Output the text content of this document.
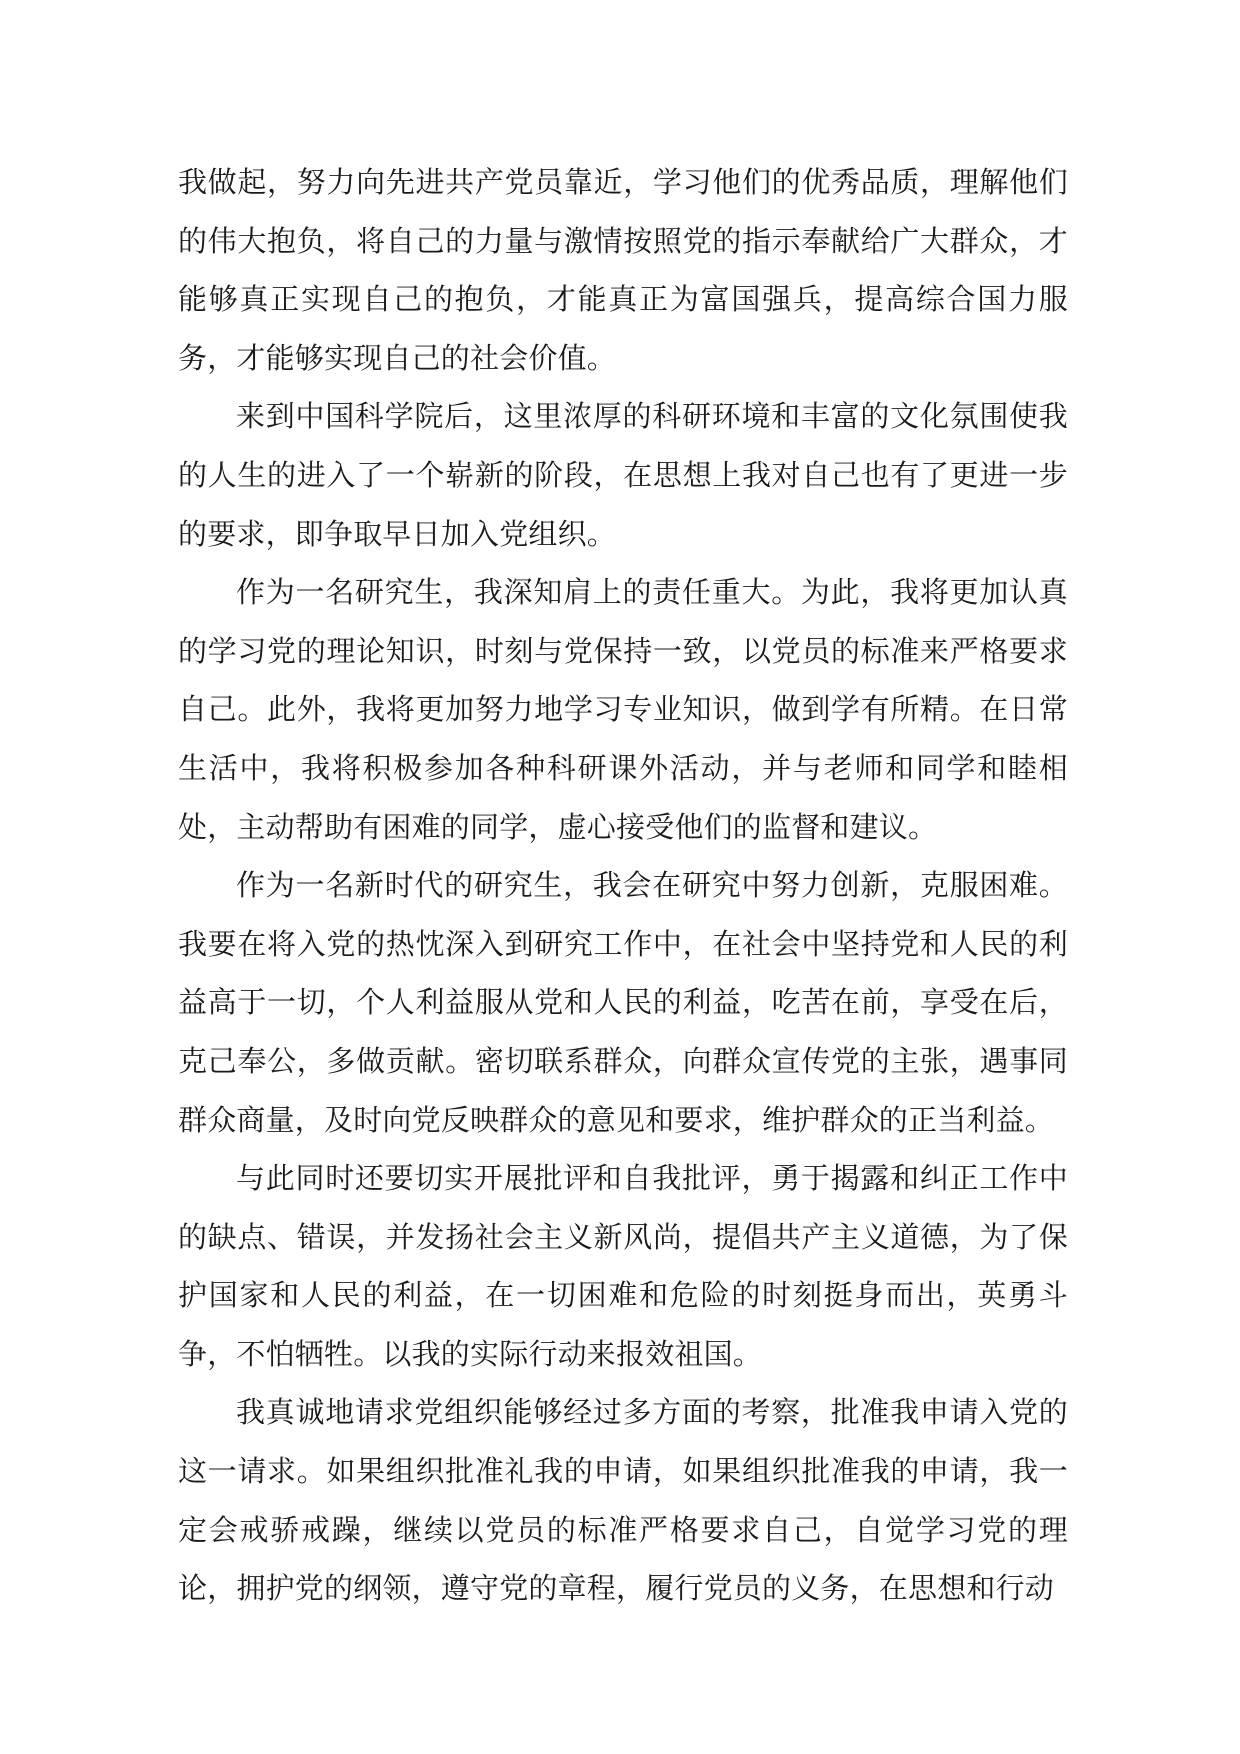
我做起，努力向先进共产党员靠近，学习他们的优秀品质，理解他们的伟大抱负，将自己的力量与激情按照党的指示奉献给广大群众，才能够真正实现自己的抱负，才能真正为富国强兵，提高综合国力服务，才能够实现自己的社会价值。

来到中国科学院后，这里浓厚的科研环境和丰富的文化氛围使我的人生的进入了一个崭新的阶段，在思想上我对自己也有了更进一步的要求，即争取早日加入党组织。

作为一名研究生，我深知肩上的责任重大。为此，我将更加认真的学习党的理论知识，时刻与党保持一致，以党员的标准来严格要求自己。此外，我将更加努力地学习专业知识，做到学有所精。在日常生活中，我将积极参加各种科研课外活动，并与老师和同学和睦相处，主动帮助有困难的同学，虚心接受他们的监督和建议。

作为一名新时代的研究生，我会在研究中努力创新，克服困难。我要在将入党的热忱深入到研究工作中，在社会中坚持党和人民的利益高于一切，个人利益服从党和人民的利益，吃苦在前，享受在后，克己奉公，多做贡献。密切联系群众，向群众宣传党的主张，遇事同群众商量，及时向党反映群众的意见和要求，维护群众的正当利益。

与此同时还要切实开展批评和自我批评，勇于揭露和纠正工作中的缺点、错误，并发扬社会主义新风尚，提倡共产主义道德，为了保护国家和人民的利益，在一切困难和危险的时刻挺身而出，英勇斗争，不怕牺牲。以我的实际行动来报效祖国。

我真诚地请求党组织能够经过多方面的考察，批准我申请入党的这一请求。如果组织批准礼我的申请，如果组织批准我的申请，我一定会戒骄戒躁，继续以党员的标准严格要求自己，自觉学习党的理论，拥护党的纲领，遵守党的章程，履行党员的义务，在思想和行动
